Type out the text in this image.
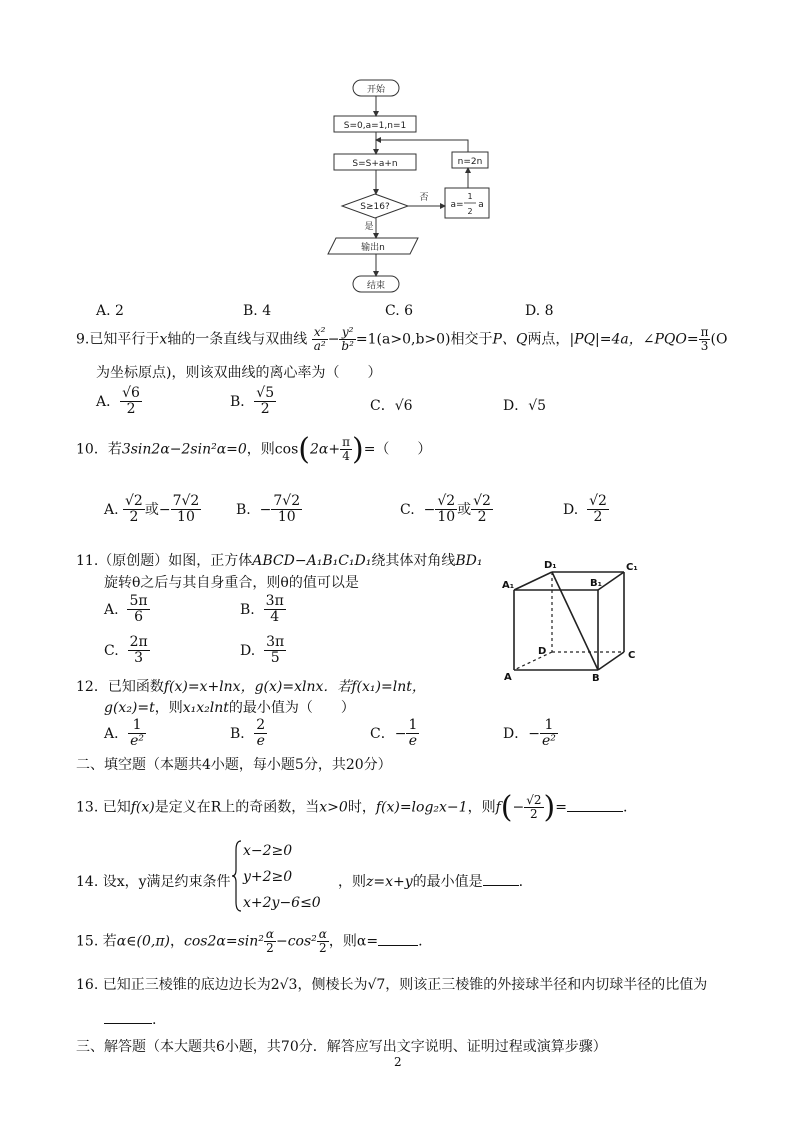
开始
S=0,a=1,n=1
S=S+a+n
S≥16?
否
是
a=
1
2
a
n=2n
输出n
结束
A. 2	B. 4	C. 6	D. 8
9.已知平行于x轴的一条直线与双曲线 $\frac{\text{x²}}{\text{a²}} - \frac{\text{y²}}{\text{b²}} =1(a>0,b>0)$相交于P、Q两点，|PQ|=4a，∠PQO= $\frac{\pi}{3} (O$
为坐标原点)，则该双曲线的离心率为（　　）
A． $\frac{√6}{2}$	B． $\frac{√5}{2}$	C．√6	D．√5
10．若3sin2α−2sin²α=0，则$\cos(2\alpha+ \frac{\pi}{4}$ )=（　　）
A. $\frac{√2}{2}$ 或− $\frac{7√2}{10} B$. − $\frac{7√2}{10}$	C. − $\frac{√2}{10}$ 或 $\frac{√2}{2}$	D. $\frac{√2}{2}$
11.（原创题）如图，正方体ABCD−A₁B₁C₁D₁绕其体对角线BD₁
旋转θ之后与其自身重合，则θ的值可以是
A. $\frac{5\pi}{6}$	B. $\frac{3\pi}{4}$
C. $\frac{2\pi}{3}$	D. $\frac{3\pi}{5}$
A₁
D₁
B₁
C₁
D	C
A	B
12．已知函数f(x)=x+lnx，g(x)=xlnx．若f(x₁)=lnt，
g(x₂)=t，则x₁x₂lnt的最小值为（　　）
A． $\frac{1}{\text{e²}}$	B． $\frac{2}{e}$	C．− $\frac{1}{e}$	D．− $\frac{1}{\text{e²}}$
二、填空题（本题共4小题，每小题5分，共20分）
13. 已知f(x)是定义在R上的奇函数，当x>0时，f(x)=log₂x−1，则$f(- \frac{√2}{2}$ )=	.
14. 设x，y满足约束条件
x−2≥0
y+2≥0
x+2y−6≤0
，则z=x+y的最小值是	.
15. 若α∈(0,π)，$\cos 2\alpha=\sin^2 \frac{\alpha}{2} -\cos^2 \frac{\alpha}{2}$ ，则α=	.
16. 已知正三棱锥的底边边长为2√3，侧棱长为√7，则该正三棱锥的外接球半径和内切球半径的比值为
.
三、解答题（本大题共6小题，共70分．解答应写出文字说明、证明过程或演算步骤）
2
